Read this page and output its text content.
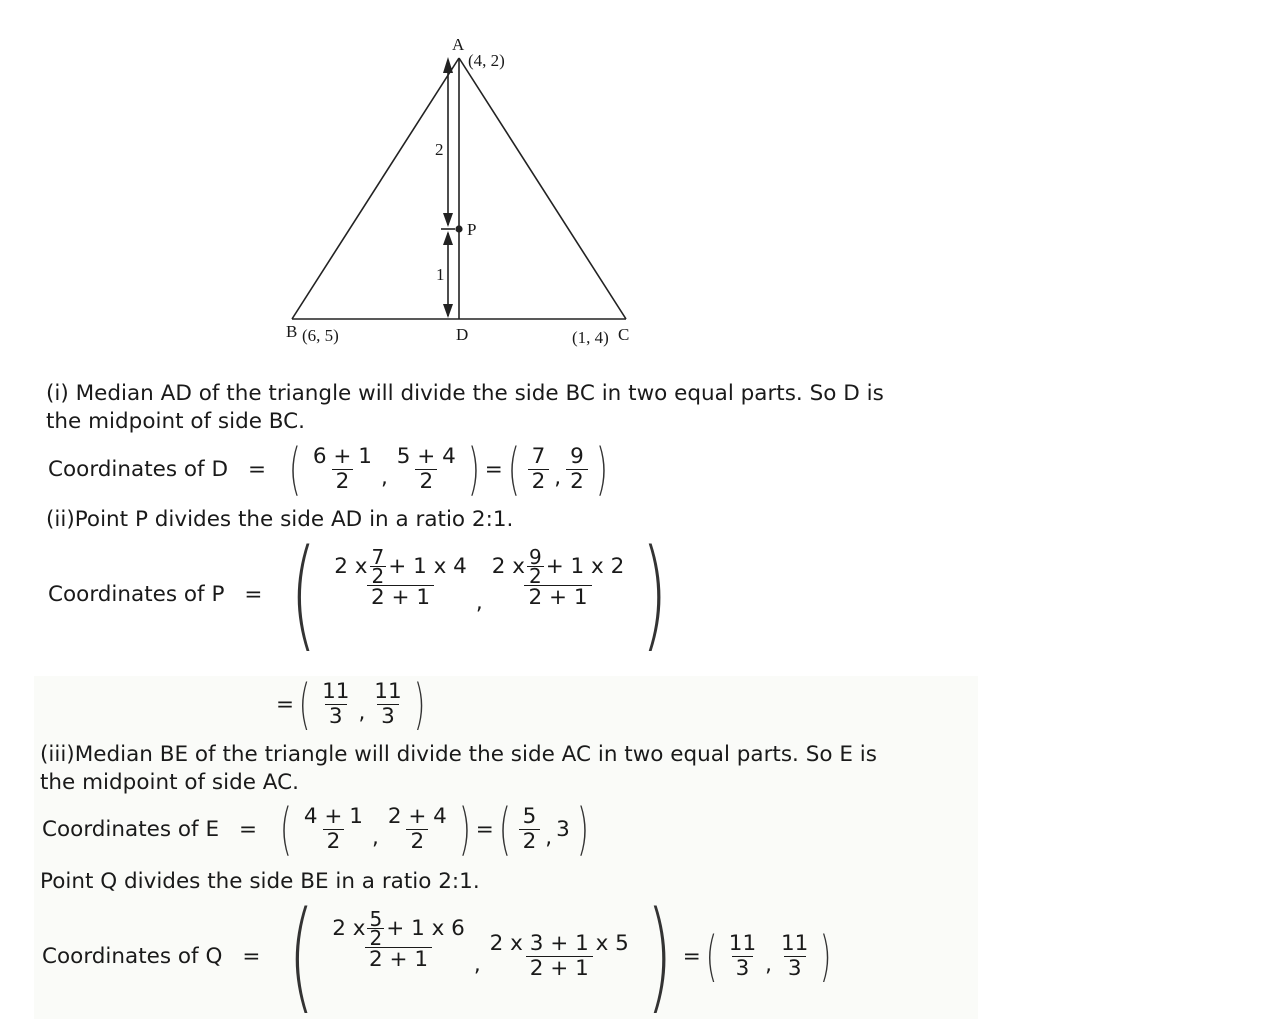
A
(4, 2)
B (6, 5)	D	(1, 4) C
P
2
1
(i) Median AD of the triangle will divide the side BC in two equal parts. So D is
the midpoint of side BC.
Coordinates of D = ( $\frac{6 + 1}{2}$ , $\frac{5 + 4}{2}$ ) = ( $\frac{7}{2}$ , $\frac{9}{2}$ )
(ii)Point P divides the side AD in a ratio 2:1.
Coordinates of P = ( 2 x 7
2 + 1 x 4
2 + 1 , 2 x 9
2 + 1 x 2
2 + 1 )
= ( $\frac{11}{3}$ , $\frac{11}{3}$ )
(iii)Median BE of the triangle will divide the side AC in two equal parts. So E is
the midpoint of side AC.
Coordinates of E = ( $\frac{4 + 1}{2}$ , $\frac{2 + 4}{2}$ ) = ( $\frac{5}{2}$ , 3 )
Point Q divides the side BE in a ratio 2:1.
Coordinates of Q = ( 2 x 5
2 + 1 x 6
2 + 1 , $\frac{2 x 3 + 1 x 5}{2 + 1}$ ) = ( $\frac{11}{3}$ , $\frac{11}{3}$ )
